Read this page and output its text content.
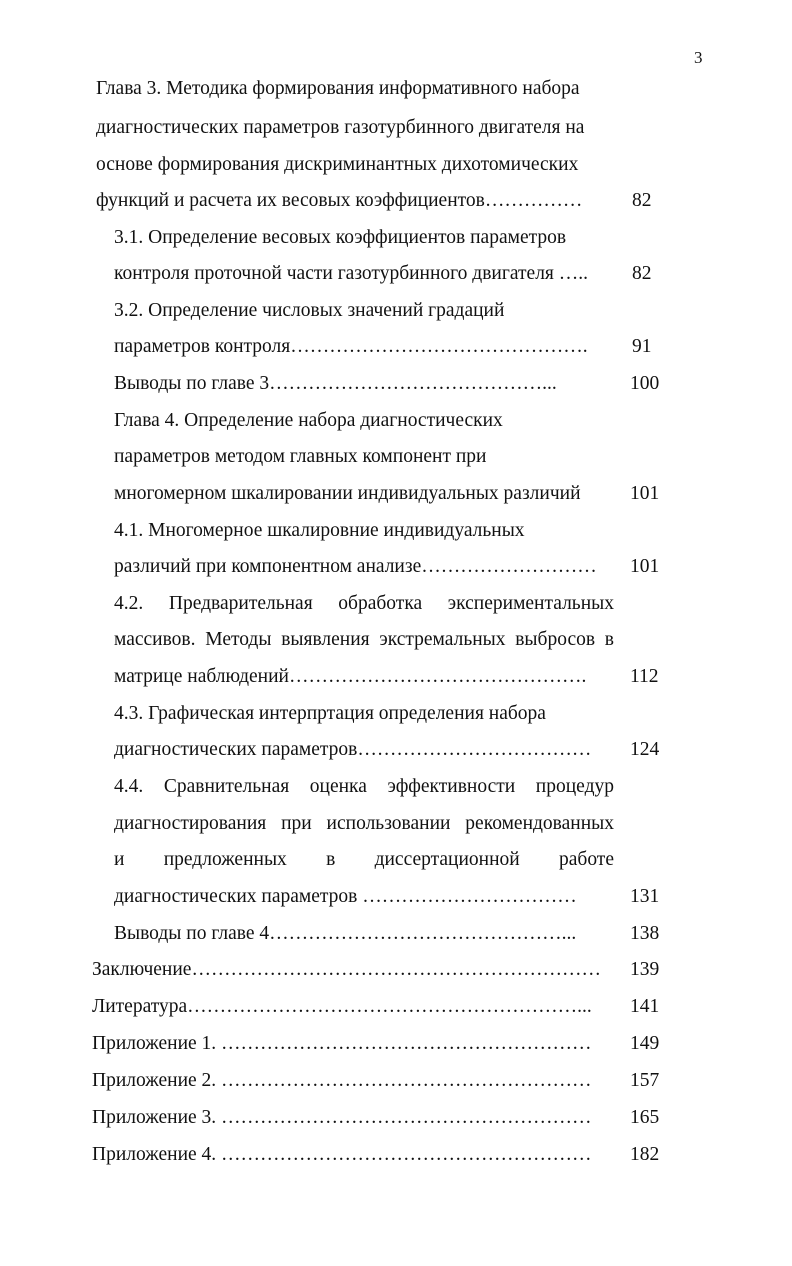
3
Глава 3. Методика формирования информативного набора
диагностических параметров газотурбинного двигателя на
основе формирования дискриминантных дихотомических
функций и расчета их весовых коэффициентов……………	82
3.1. Определение весовых коэффициентов параметров
контроля проточной части газотурбинного двигателя ….. 82
3.2. Определение числовых значений градаций
параметров контроля………………………………………. 91
Выводы по главе 3……………………………………...	100
Глава 4. Определение набора диагностических
параметров методом главных компонент при
многомерном шкалировании индивидуальных различий	101
4.1. Многомерное шкалировние индивидуальных
различий при компонентном анализе……………………… 101
4.2. Предварительная обработка экспериментальных
массивов. Методы выявления экстремальных выбросов в
матрице наблюдений………………………………………. 112
4.3. Графическая интерпртация определения набора
диагностических параметров……………………………… 124
4.4. Сравнительная оценка эффективности процедур
диагностирования при использовании рекомендованных
и предложенных в диссертационной работе
диагностических параметров ……………………………	131
Выводы по главе 4………………………………………...	138
Заключение……………………………………………………… 139
Литература……………………………………………………... 141
Приложение 1. ………………………………………………… 149
Приложение 2. ………………………………………………… 157
Приложение 3. ………………………………………………… 165
Приложение 4. ………………………………………………… 182
